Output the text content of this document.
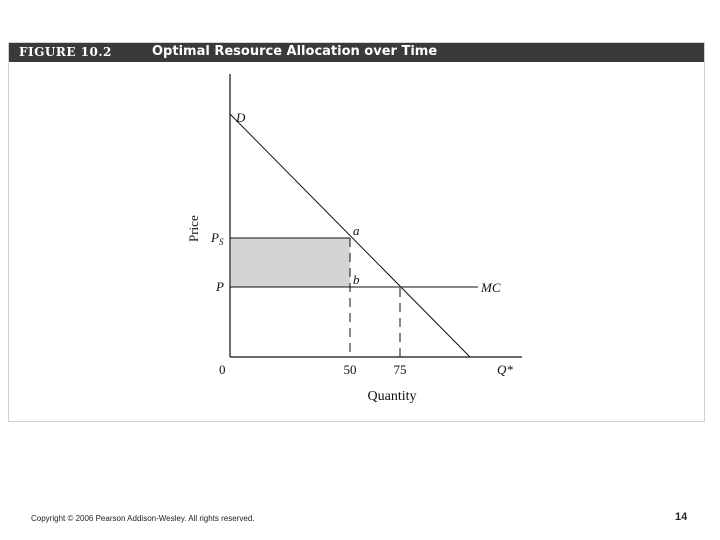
FIGURE 10.2	Optimal Resource Allocation over Time
D
Price $P_S$
P
a
b
MC
0	50	75	Q*
Quantity
Copyright © 2006 Pearson Addison-Wesley. All rights reserved.	14
